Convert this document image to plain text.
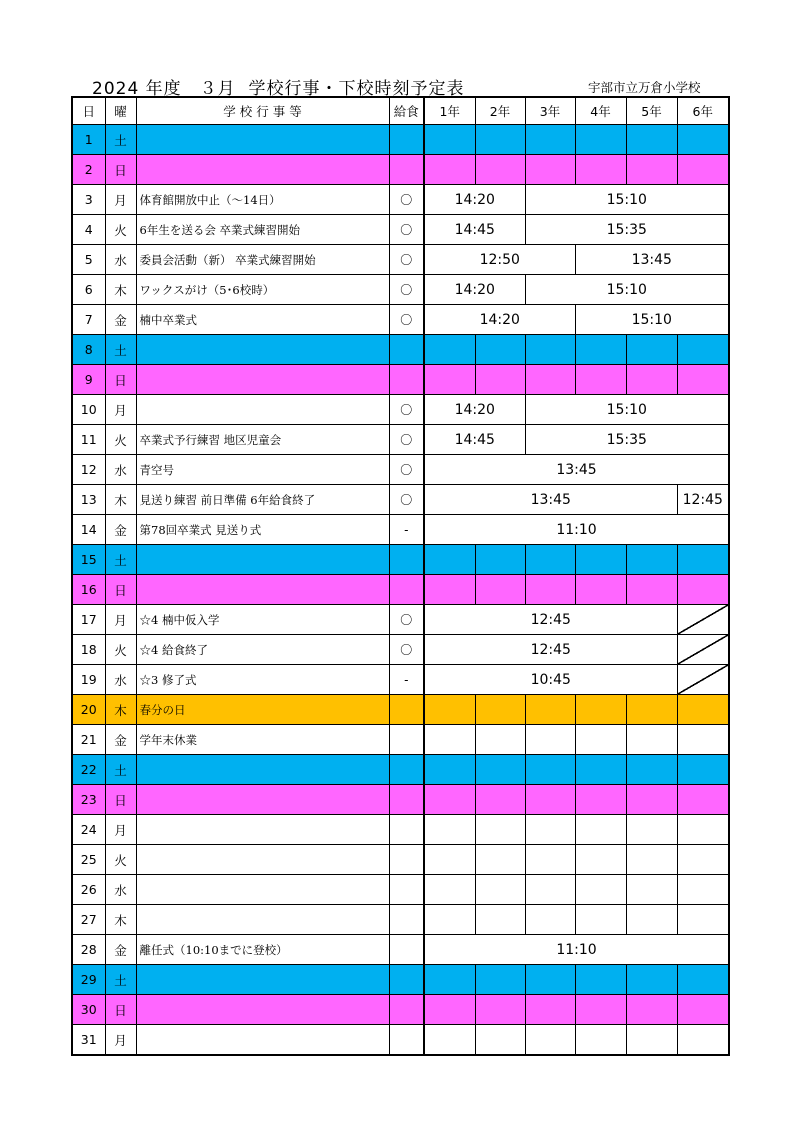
2024 年度　３月  学校行事・下校時刻予定表	宇部市立万倉小学校
日	曜	学 校 行 事 等	給食	1年	2年	3年	4年	5年	6年
1	土								
2	日								
3	月	体育館開放中止（〜14日）	〇	14:20		15:10			
4	火	6年生を送る会 卒業式練習開始	〇	14:45		15:35			
5	水	委員会活動（新） 卒業式練習開始	〇	12:50			13:45		
6	木	ワックスがけ（5･6校時）	〇	14:20		15:10			
7	金	楠中卒業式	〇	14:20			15:10		
8	土								
9	日								
10	月		〇	14:20		15:10			
11	火	卒業式予行練習 地区児童会	〇	14:45		15:35			
12	水	青空号	〇	13:45					
13	木	見送り練習 前日準備 6年給食終了	〇	13:45					12:45
14	金	第78回卒業式 見送り式	-	11:10					
15	土								
16	日								
17	月	☆4 楠中仮入学	〇	12:45					
18	火	☆4 給食終了	〇	12:45					
19	水	☆3 修了式	-	10:45					
20	木	春分の日							
21	金	学年末休業							
22	土								
23	日								
24	月								
25	火								
26	水								
27	木								
28	金	離任式（10:10までに登校）		11:10					
29	土								
30	日								
31	月								
